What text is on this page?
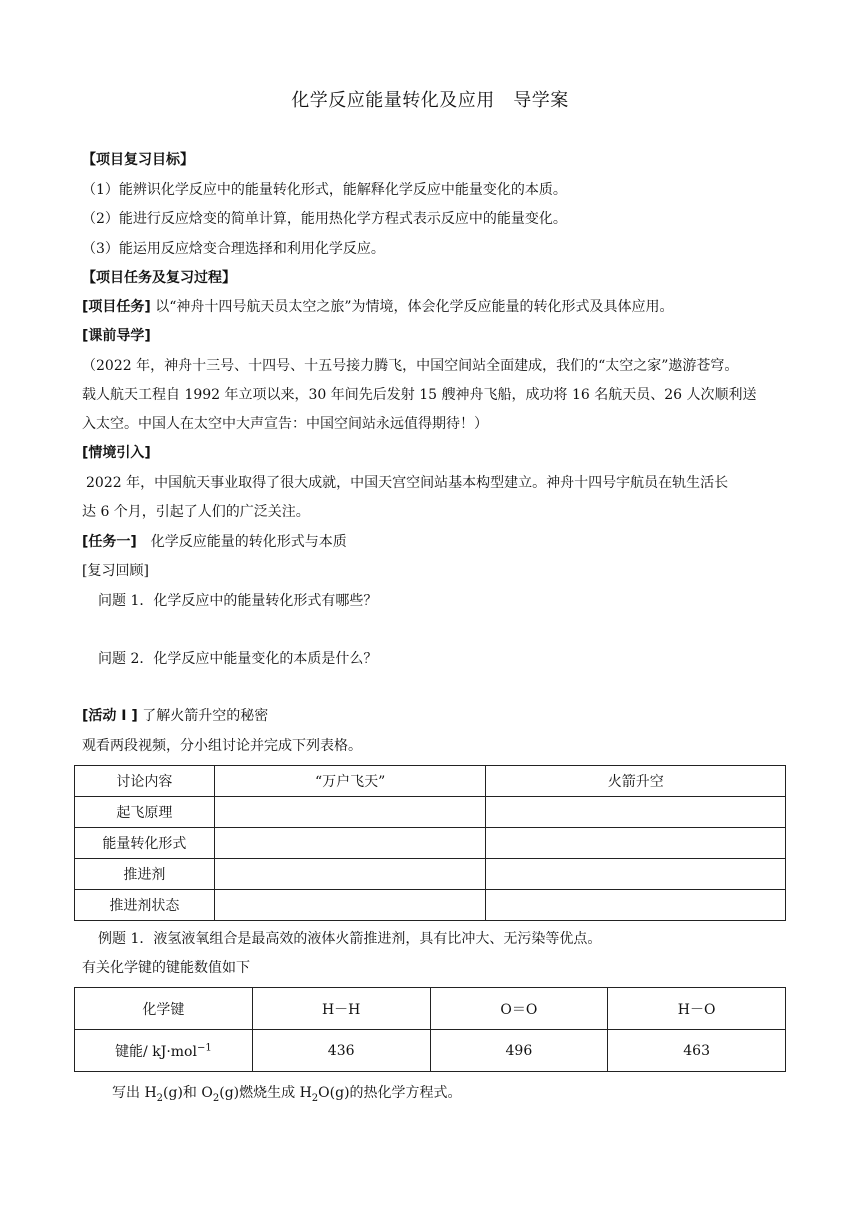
化学反应能量转化及应用　导学案
【项目复习目标】
（1）能辨识化学反应中的能量转化形式，能解释化学反应中能量变化的本质。
（2）能进行反应焓变的简单计算，能用热化学方程式表示反应中的能量变化。
（3）能运用反应焓变合理选择和利用化学反应。
【项目任务及复习过程】
[项目任务] 以“神舟十四号航天员太空之旅”为情境，体会化学反应能量的转化形式及具体应用。
[课前导学]
（2022 年，神舟十三号、十四号、十五号接力腾飞，中国空间站全面建成，我们的“太空之家”遨游苍穹。
载人航天工程自 1992 年立项以来，30 年间先后发射 15 艘神舟飞船，成功将 16 名航天员、26 人次顺利送
入太空。中国人在太空中大声宣告：中国空间站永远值得期待！）
[情境引入]
2022 年，中国航天事业取得了很大成就，中国天宫空间站基本构型建立。神舟十四号宇航员在轨生活长
达 6 个月，引起了人们的广泛关注。
[任务一]　化学反应能量的转化形式与本质
[复习回顾]
问题 1．化学反应中的能量转化形式有哪些？
问题 2．化学反应中能量变化的本质是什么？
[活动 Ⅰ ] 了解火箭升空的秘密
观看两段视频，分小组讨论并完成下列表格。
讨论内容	“万户飞天”	火箭升空
起飞原理		
能量转化形式		
推进剂		
推进剂状态		
例题 1．液氢液氧组合是最高效的液体火箭推进剂，具有比冲大、无污染等优点。
有关化学键的键能数值如下
化学键	H－H	O＝O	H－O
键能/ kJ·mol$^{-1}$	436	496	463
写出 $H_2(g)$和 $O_2(g)$燃烧生成 $H_2O(g)$的热化学方程式。
